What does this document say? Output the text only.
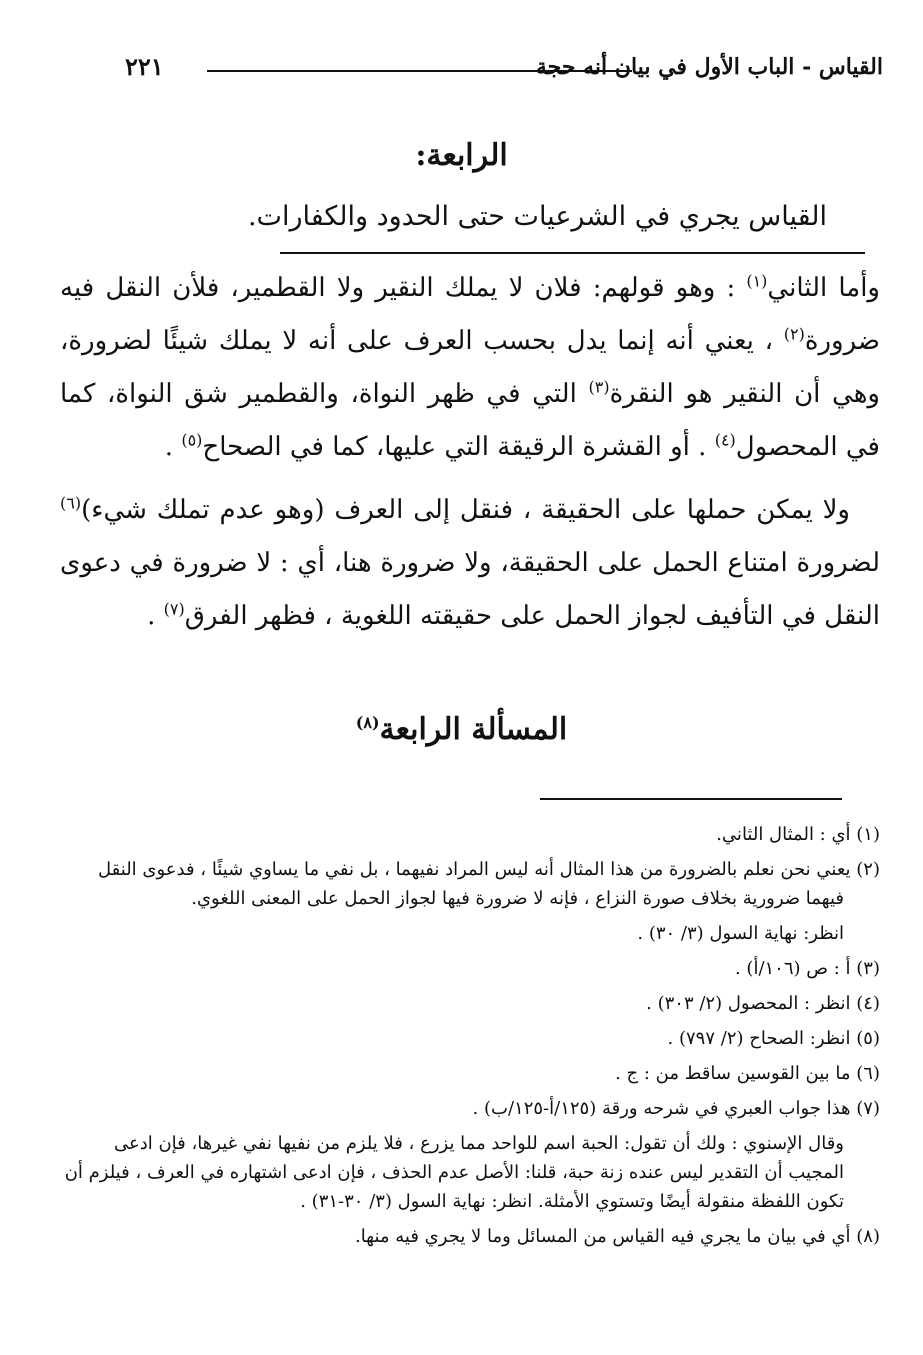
٢٢١	القياس - الباب الأول في بيان أنه حجة
الرابعة:
القياس يجري في الشرعيات حتى الحدود والكفارات.

وأما الثاني$^{(١)}$ : وهو قولهم: فلان لا يملك النقير ولا القطمير، فلأن النقل فيه ضرورة$^{(٢)}$ ، يعني أنه إنما يدل بحسب العرف على أنه لا يملك شيئًا لضرورة، وهي أن النقير هو النقرة$^{(٣)}$ التي في ظهر النواة، والقطمير شق النواة، كما في المحصول$^{(٤)}$ . أو القشرة الرقيقة التي عليها، كما في الصحاح$^{(٥)}$ .

ولا يمكن حملها على الحقيقة ، فنقل إلى العرف (وهو عدم تملك شيء)$^{(٦)}$ لضرورة امتناع الحمل على الحقيقة، ولا ضرورة هنا، أي : لا ضرورة في دعوى النقل في التأفيف لجواز الحمل على حقيقته اللغوية ، فظهر الفرق$^{(٧)}$ .

المسألة الرابعة$^{(٨)}$
(١) أي : المثال الثاني.
(٢) يعني نحن نعلم بالضرورة من هذا المثال أنه ليس المراد نفيهما ، بل نفي ما يساوي شيئًا ، فدعوى النقل فيهما ضرورية بخلاف صورة النزاع ، فإنه لا ضرورة فيها لجواز الحمل على المعنى اللغوي.
انظر: نهاية السول (٣/ ٣٠) .
(٣) أ : ص (١٠٦/أ) .
(٤) انظر : المحصول (٢/ ٣٠٣) .
(٥) انظر: الصحاح (٢/ ٧٩٧) .
(٦) ما بين القوسين ساقط من : ج .
(٧) هذا جواب العبري في شرحه ورقة (١٢٥/أ-١٢٥/ب) .
وقال الإسنوي : ولك أن تقول: الحبة اسم للواحد مما يزرع ، فلا يلزم من نفيها نفي غيرها، فإن ادعى المجيب أن التقدير ليس عنده زنة حبة، قلنا: الأصل عدم الحذف ، فإن ادعى اشتهاره في العرف ، فيلزم أن تكون اللفظة منقولة أيضًا وتستوي الأمثلة. انظر: نهاية السول (٣/ ٣٠-٣١) .
(٨) أي في بيان ما يجري فيه القياس من المسائل وما لا يجري فيه منها.
